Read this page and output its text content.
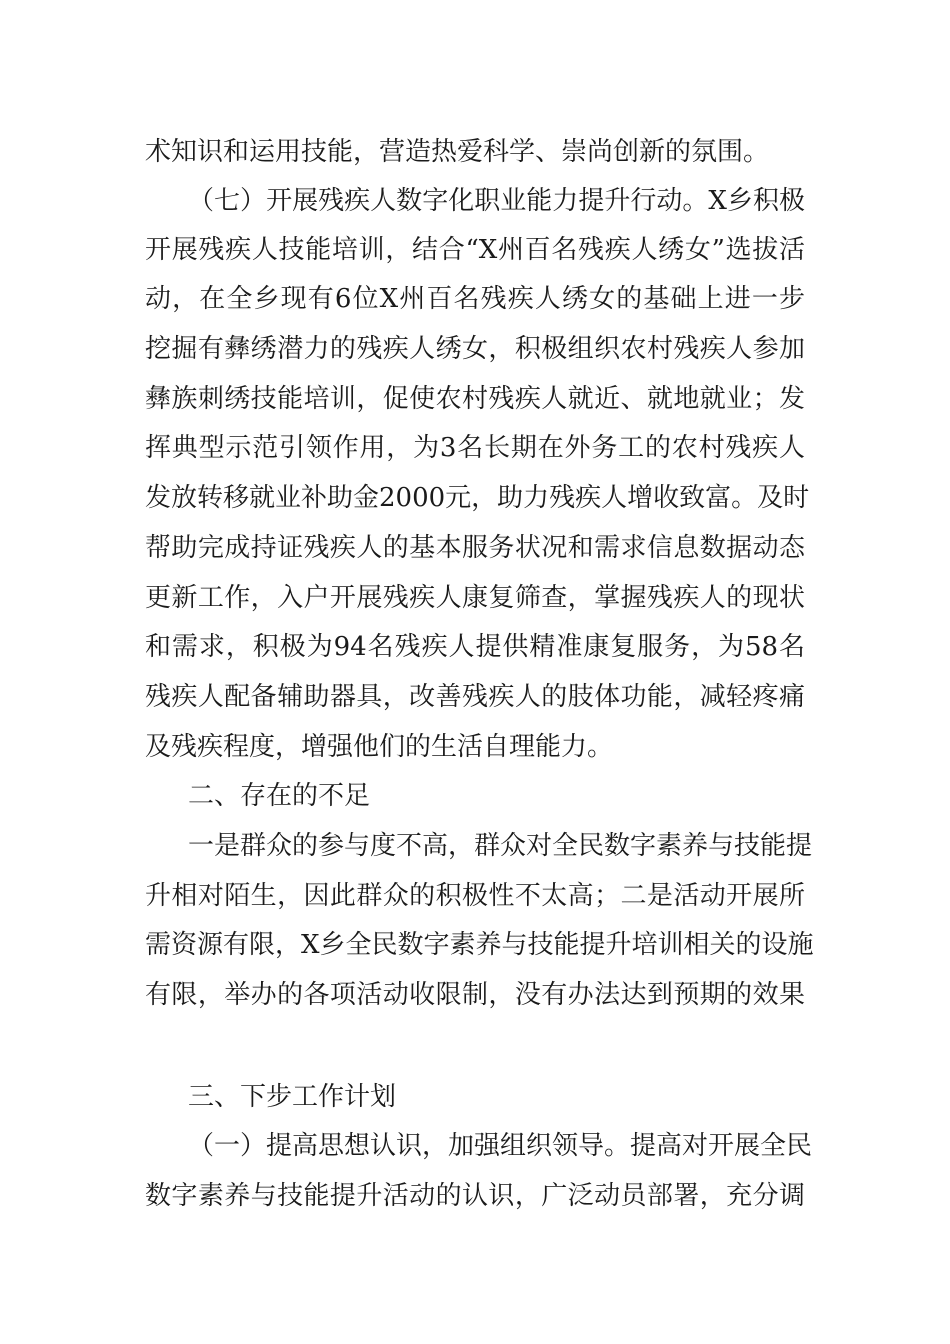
术知识和运用技能，营造热爱科学、崇尚创新的氛围。
（七）开展残疾人数字化职业能力提升行动。X乡积极
开展残疾人技能培训，结合“X州百名残疾人绣女”选拔活
动，在全乡现有6位X州百名残疾人绣女的基础上进一步
挖掘有彝绣潜力的残疾人绣女，积极组织农村残疾人参加
彝族刺绣技能培训，促使农村残疾人就近、就地就业；发
挥典型示范引领作用，为3名长期在外务工的农村残疾人
发放转移就业补助金2000元，助力残疾人增收致富。及时
帮助完成持证残疾人的基本服务状况和需求信息数据动态
更新工作，入户开展残疾人康复筛查，掌握残疾人的现状
和需求，积极为94名残疾人提供精准康复服务，为58名
残疾人配备辅助器具，改善残疾人的肢体功能，减轻疼痛
及残疾程度，增强他们的生活自理能力。
二、存在的不足
一是群众的参与度不高，群众对全民数字素养与技能提
升相对陌生，因此群众的积极性不太高；二是活动开展所
需资源有限，X乡全民数字素养与技能提升培训相关的设施
有限，举办的各项活动收限制，没有办法达到预期的效果
三、下步工作计划
（一）提高思想认识，加强组织领导。提高对开展全民
数字素养与技能提升活动的认识，广泛动员部署，充分调
